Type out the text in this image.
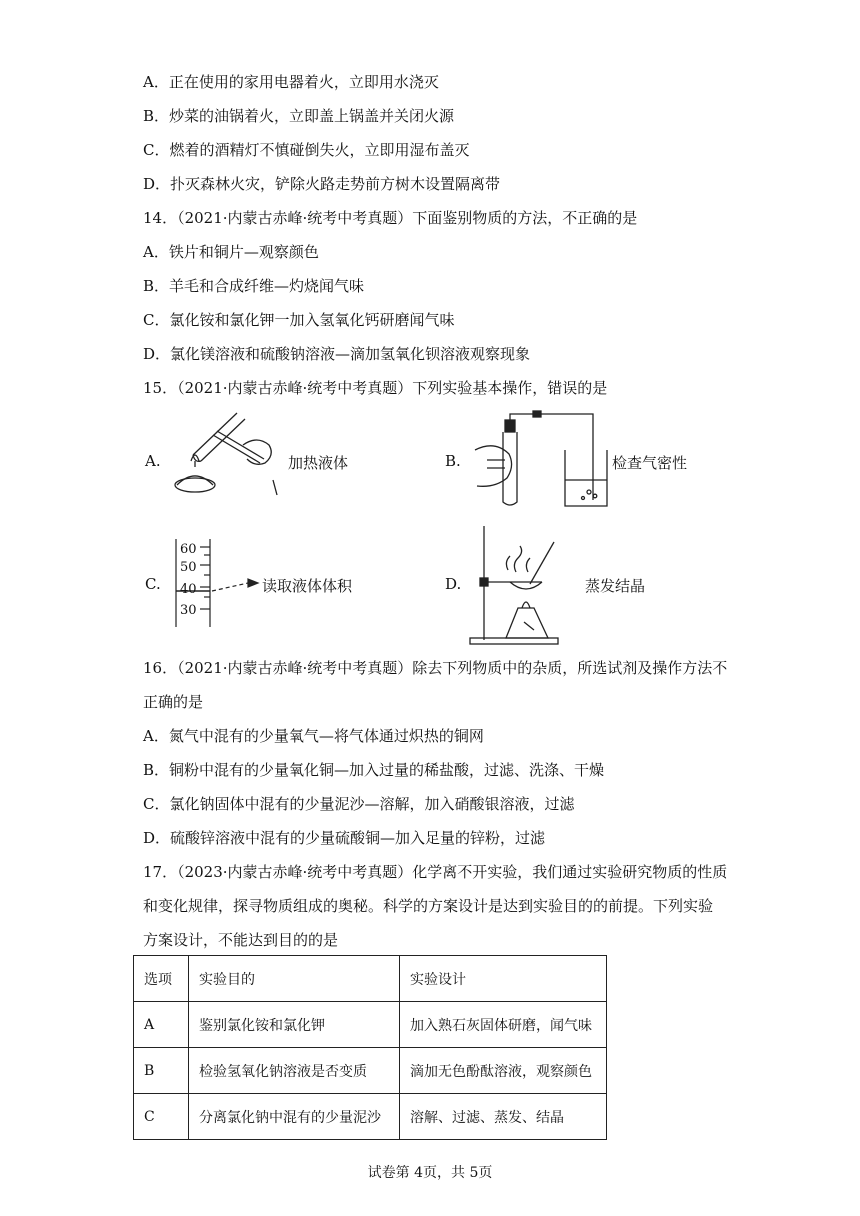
A．正在使用的家用电器着火，立即用水浇灭
B．炒菜的油锅着火，立即盖上锅盖并关闭火源
C．燃着的酒精灯不慎碰倒失火，立即用湿布盖灭
D．扑灭森林火灾，铲除火路走势前方树木设置隔离带
14．（2021·内蒙古赤峰·统考中考真题）下面鉴别物质的方法，不正确的是
A．铁片和铜片—观察颜色
B．羊毛和合成纤维—灼烧闻气味
C．氯化铵和氯化钾一加入氢氧化钙研磨闻气味
D．氯化镁溶液和硫酸钠溶液—滴加氢氧化钡溶液观察现象
15．（2021·内蒙古赤峰·统考中考真题）下列实验基本操作，错误的是
A.	加热液体	B.	检查气密性
C.
60
50
40
30
读取液体体积	D.	蒸发结晶
16．（2021·内蒙古赤峰·统考中考真题）除去下列物质中的杂质，所选试剂及操作方法不
正确的是
A．氮气中混有的少量氧气—将气体通过炽热的铜网
B．铜粉中混有的少量氧化铜—加入过量的稀盐酸，过滤、洗涤、干燥
C．氯化钠固体中混有的少量泥沙—溶解，加入硝酸银溶液，过滤
D．硫酸锌溶液中混有的少量硫酸铜—加入足量的锌粉，过滤
17．（2023·内蒙古赤峰·统考中考真题）化学离不开实验，我们通过实验研究物质的性质
和变化规律，探寻物质组成的奥秘。科学的方案设计是达到实验目的的前提。下列实验
方案设计，不能达到目的的是
选项	实验目的	实验设计
A	鉴别氯化铵和氯化钾	加入熟石灰固体研磨，闻气味
B	检验氢氧化钠溶液是否变质	滴加无色酚酞溶液，观察颜色
C	分离氯化钠中混有的少量泥沙	溶解、过滤、蒸发、结晶
试卷第 4页，共 5页
